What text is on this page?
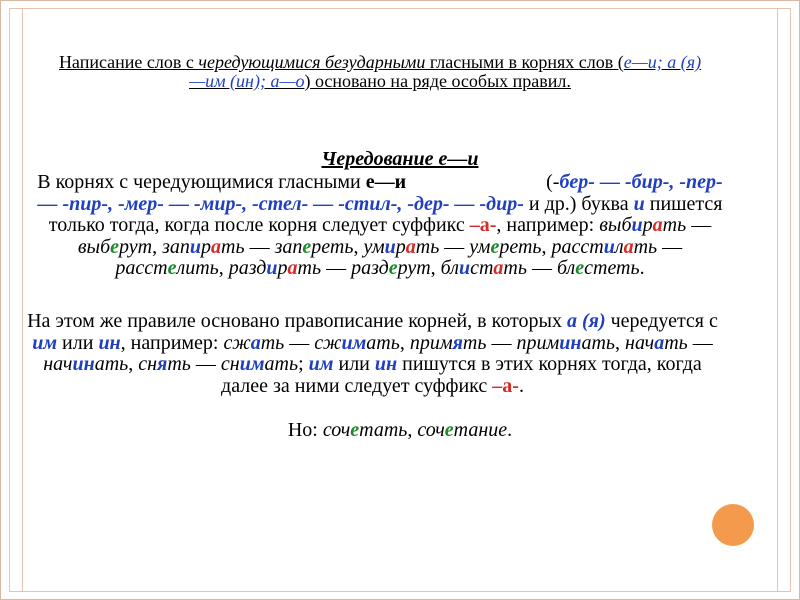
Написание слов с чередующимися безударными гласными в корнях слов (е—и; а (я)—им (ин); а—о) основано на ряде особых правил.
Чередование е—и
В корнях с чередующимися гласными е—и	(-бер- — -бир-, -пер- — -пир-, -мер- — -мир-, -стел- — -стил-, -дер- — -дир- и др.) буква и пишется только тогда, когда после корня следует суффикс –а-, например: выбирать — выберут, запирать — запереть, умирать — умереть, расстилать — расстелить, раздирать — раздерут, блистать — блестеть.
На этом же правиле основано правописание корней, в которых а (я) чередуется с им или ин, например: сжать — сжимать, примять — приминать, начать — начинать, снять — снимать; им или ин пишутся в этих корнях тогда, когда далее за ними следует суффикс –а-.
Но: сочетать, сочетание.
